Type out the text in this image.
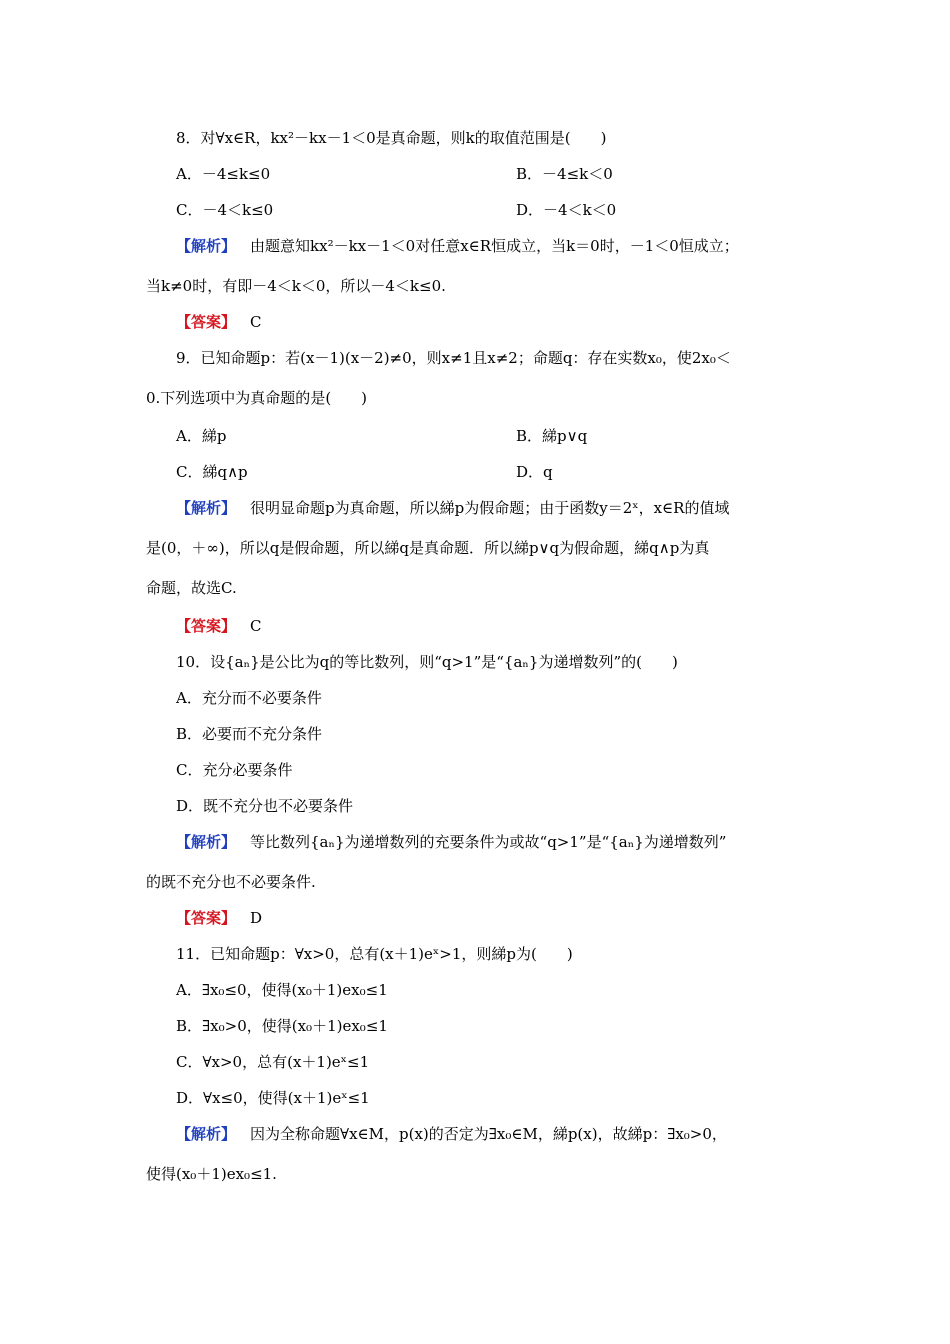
8．对∀x∈R，kx²－kx－1＜0是真命题，则k的取值范围是(　　)
A．－4≤k≤0	B．－4≤k＜0
C．－4＜k≤0	D．－4＜k＜0
【解析】 由题意知kx²－kx－1＜0对任意x∈R恒成立，当k＝0时，－1＜0恒成立；
当k≠0时，有即－4＜k＜0，所以－4＜k≤0.
【答案】 C
9．已知命题p：若(x－1)(x－2)≠0，则x≠1且x≠2；命题q：存在实数x₀，使2x₀＜
0.下列选项中为真命题的是(　　)
A．綈p	B．綈p∨q
C．綈q∧p	D．q
【解析】 很明显命题p为真命题，所以綈p为假命题；由于函数y＝2ˣ，x∈R的值域
是(0，＋∞)，所以q是假命题，所以綈q是真命题．所以綈p∨q为假命题，綈q∧p为真
命题，故选C.
【答案】 C
10．设{aₙ}是公比为q的等比数列，则“q>1”是“{aₙ}为递增数列”的(　　)
A．充分而不必要条件
B．必要而不充分条件
C．充分必要条件
D．既不充分也不必要条件
【解析】 等比数列{aₙ}为递增数列的充要条件为或故“q>1”是“{aₙ}为递增数列”
的既不充分也不必要条件.
【答案】 D
11．已知命题p：∀x>0，总有(x＋1)eˣ>1，则綈p为(　　)
A．∃x₀≤0，使得(x₀＋1)ex₀≤1
B．∃x₀>0，使得(x₀＋1)ex₀≤1
C．∀x>0，总有(x＋1)eˣ≤1
D．∀x≤0，使得(x＋1)eˣ≤1
【解析】 因为全称命题∀x∈M，p(x)的否定为∃x₀∈M，綈p(x)，故綈p：∃x₀>0，
使得(x₀＋1)ex₀≤1.
